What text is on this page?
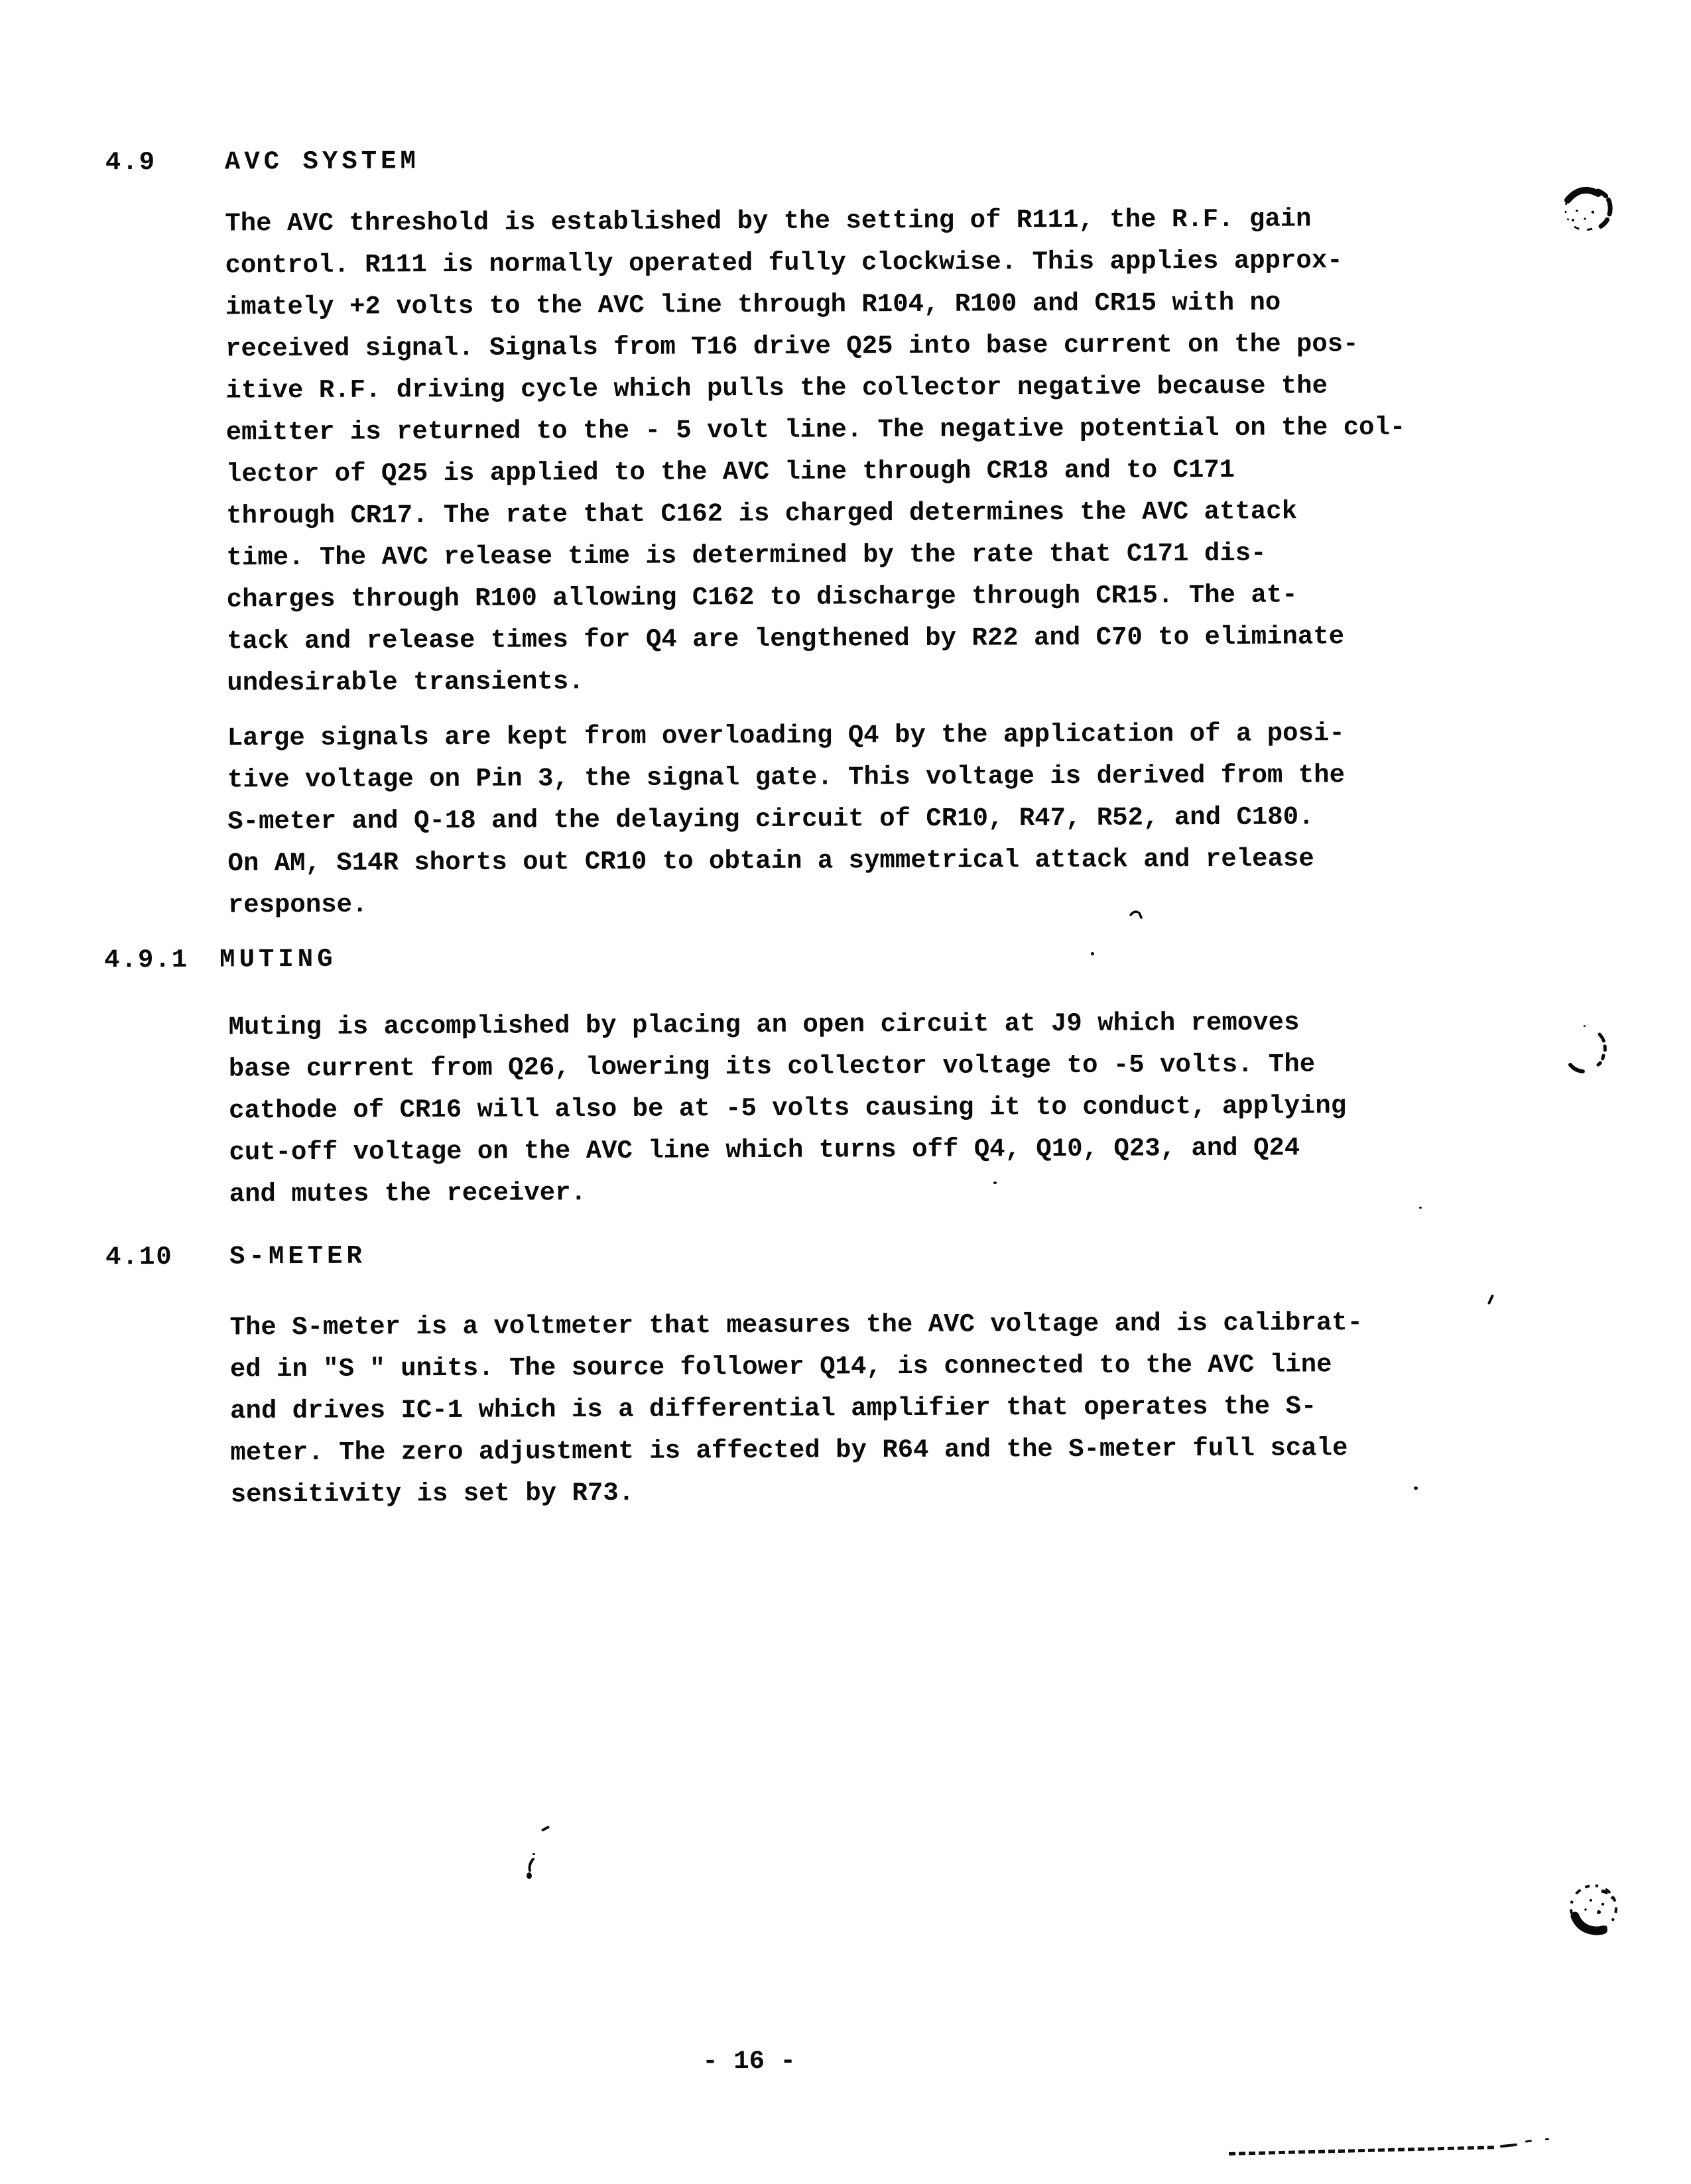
4.9	AVC SYSTEM
The AVC threshold is established by the setting of R111, the R.F. gain
control. R111 is normally operated fully clockwise. This applies approx-
imately +2 volts to the AVC line through R104, R100 and CR15 with no
received signal. Signals from T16 drive Q25 into base current on the pos-
itive R.F. driving cycle which pulls the collector negative because the
emitter is returned to the - 5 volt line. The negative potential on the col-
lector of Q25 is applied to the AVC line through CR18 and to C171
through CR17. The rate that C162 is charged determines the AVC attack
time. The AVC release time is determined by the rate that C171 dis-
charges through R100 allowing C162 to discharge through CR15. The at-
tack and release times for Q4 are lengthened by R22 and C70 to eliminate
undesirable transients.
Large signals are kept from overloading Q4 by the application of a posi-
tive voltage on Pin 3, the signal gate. This voltage is derived from the
S-meter and Q-18 and the delaying circuit of CR10, R47, R52, and C180.
On AM, S14R shorts out CR10 to obtain a symmetrical attack and release
response.
4.9.1 MUTING
Muting is accomplished by placing an open circuit at J9 which removes
base current from Q26, lowering its collector voltage to -5 volts. The
cathode of CR16 will also be at -5 volts causing it to conduct, applying
cut-off voltage on the AVC line which turns off Q4, Q10, Q23, and Q24
and mutes the receiver.
4.10 S-METER
The S-meter is a voltmeter that measures the AVC voltage and is calibrat-
ed in "S " units. The source follower Q14, is connected to the AVC line
and drives IC-1 which is a differential amplifier that operates the S-
meter. The zero adjustment is affected by R64 and the S-meter full scale
sensitivity is set by R73.
- 16 -
